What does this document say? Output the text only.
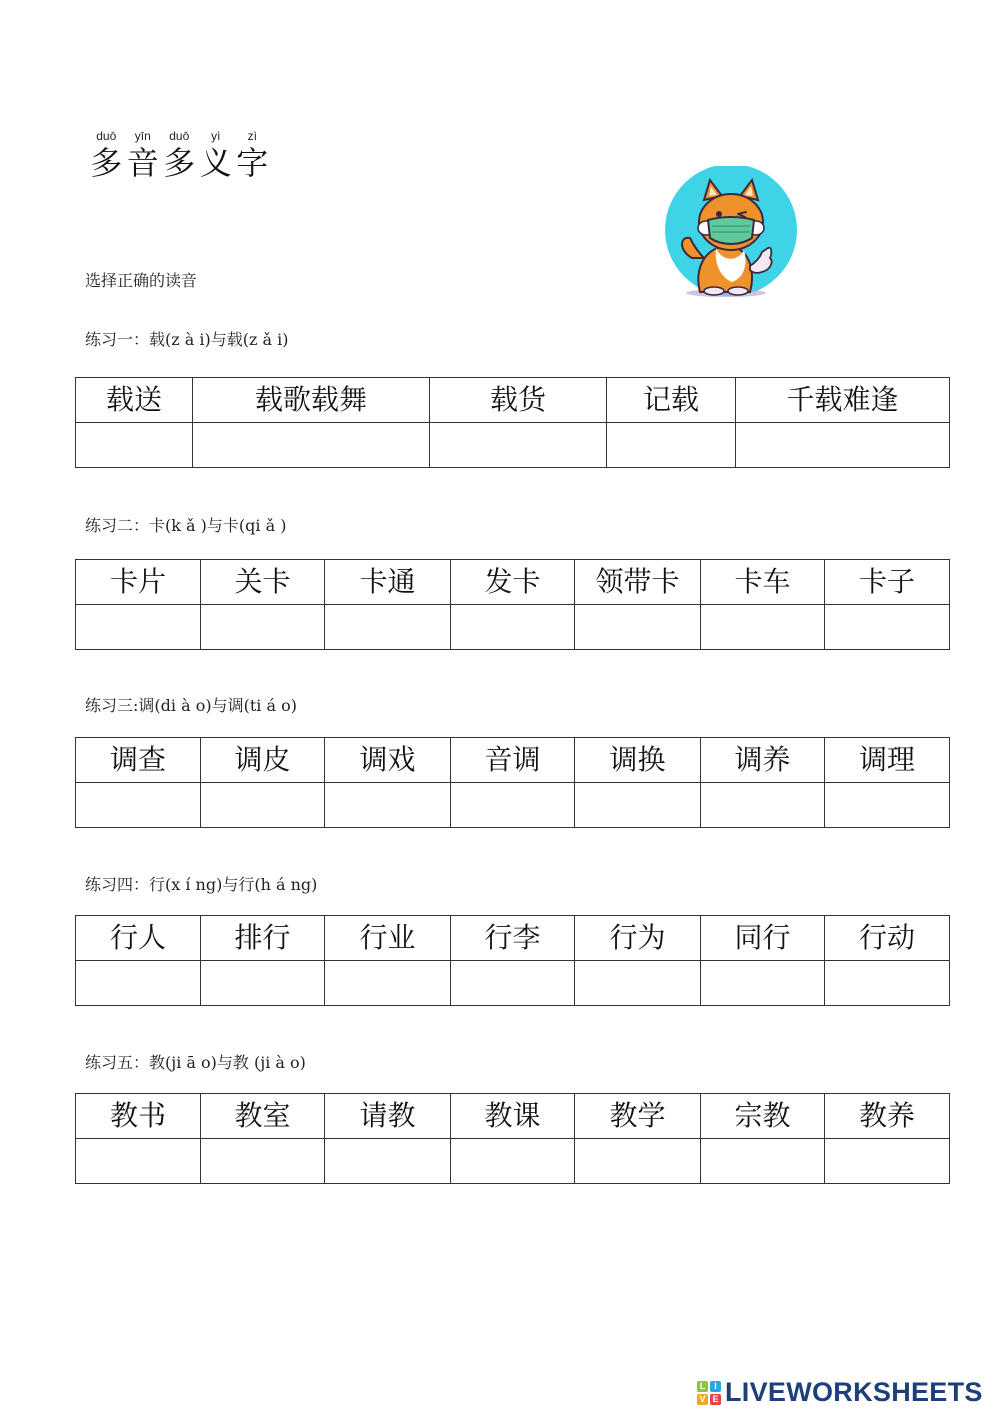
duō
多
yīn
音
duō
多
yì
义
zì
字
选择正确的读音
练习一：载(z à i)与载(z ǎ i)
载送	载歌载舞	载货	记载	千载难逢

练习二：卡(k ǎ )与卡(qi ǎ )
卡片	关卡	卡通	发卡	领带卡	卡车	卡子

练习三:调(di à o)与调(ti á o)
调查	调皮	调戏	音调	调换	调养	调理

练习四：行(x í ng)与行(h á ng)
行人	排行	行业	行李	行为	同行	行动

练习五：教(ji ā o)与教 (ji à o)
教书	教室	请教	教课	教学	宗教	教养

L I
V E LIVEWORKSHEETS
